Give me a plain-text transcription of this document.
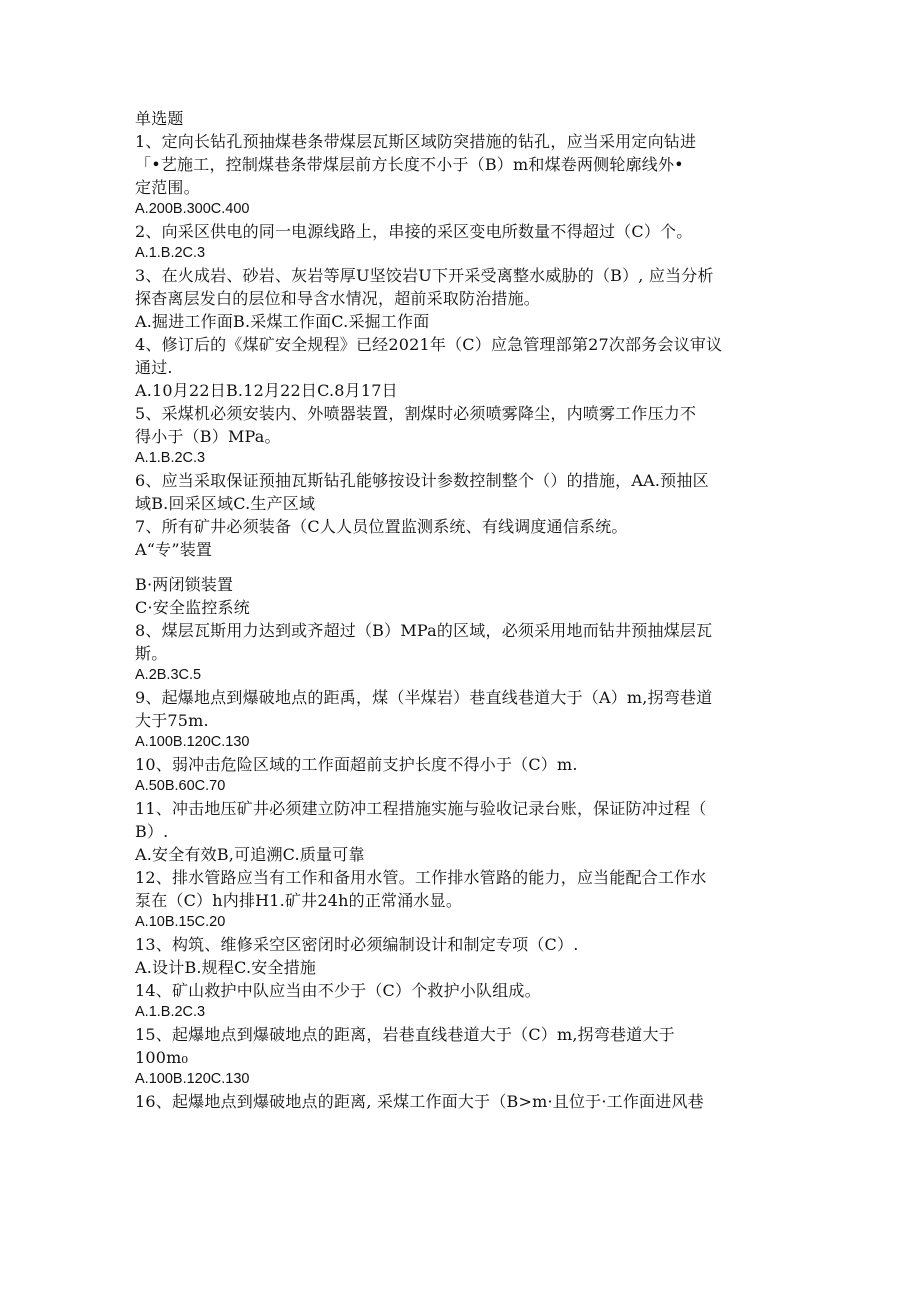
单选题
1、定向长钻孔预抽煤巷条带煤层瓦斯区域防突措施的钻孔，应当采用定向钻进
「•艺施工，控制煤巷条带煤层前方长度不小于（B）m和煤卷两侧轮廓线外•
定范围。
A.200B.300C.400
2、向采区供电的同一电源线路上，串接的采区变电所数量不得超过（C）个。
A.1.B.2C.3
3、在火成岩、砂岩、灰岩等厚U坚饺岩U下开采受离整水威胁的（B）, 应当分析
探杳离层发白的层位和导含水情况，超前采取防治措施。
A.掘进工作面B.采煤工作面C.采掘工作面
4、修订后的《煤矿安全规程》已经2021年（C）应急管理部第27次部务会议审议
通过.
A.10月22日B.12月22日C.8月17日
5、采煤机必须安装内、外喷器装置，割煤时必须喷雾降尘，内喷雾工作压力不
得小于（B）MPa。
A.1.B.2C.3
6、应当采取保证预抽瓦斯钻孔能够按设计参数控制整个（）的措施，AA.预抽区
域B.回采区域C.生产区域
7、所有矿井必须装备（C人人员位置监测系统、有线调度通信系统。
A“专”装置
B·两闭锁装置
C·安全监控系统
8、煤层瓦斯用力达到或齐超过（B）MPa的区域，必须采用地而钻井预抽煤层瓦
斯。
A.2B.3C.5
9、起爆地点到爆破地点的距禹，煤（半煤岩）巷直线巷道大于（A）m,拐弯巷道
大于75m.
A.100B.120C.130
10、弱冲击危险区域的工作面超前支护长度不得小于（C）m.
A.50B.60C.70
11、冲击地压矿井必须建立防冲工程措施实施与验收记录台账，保证防冲过程（
B）.
A.安全有效B,可追溯C.质量可靠
12、排水管路应当有工作和备用水管。工作排水管路的能力，应当能配合工作水
泵在（C）h内排H1.矿井24h的正常涌水显。
A.10B.15C.20
13、构筑、维修采空区密闭时必须编制设计和制定专项（C）.
A.设计B.规程C.安全措施
14、矿山救护中队应当由不少于（C）个救护小队组成。
A.1.B.2C.3
15、起爆地点到爆破地点的距离，岩巷直线巷道大于（C）m,拐弯巷道大于
100m₀
A.100B.120C.130
16、起爆地点到爆破地点的距离, 采煤工作面大于（B>m·且位于·工作面进风巷
